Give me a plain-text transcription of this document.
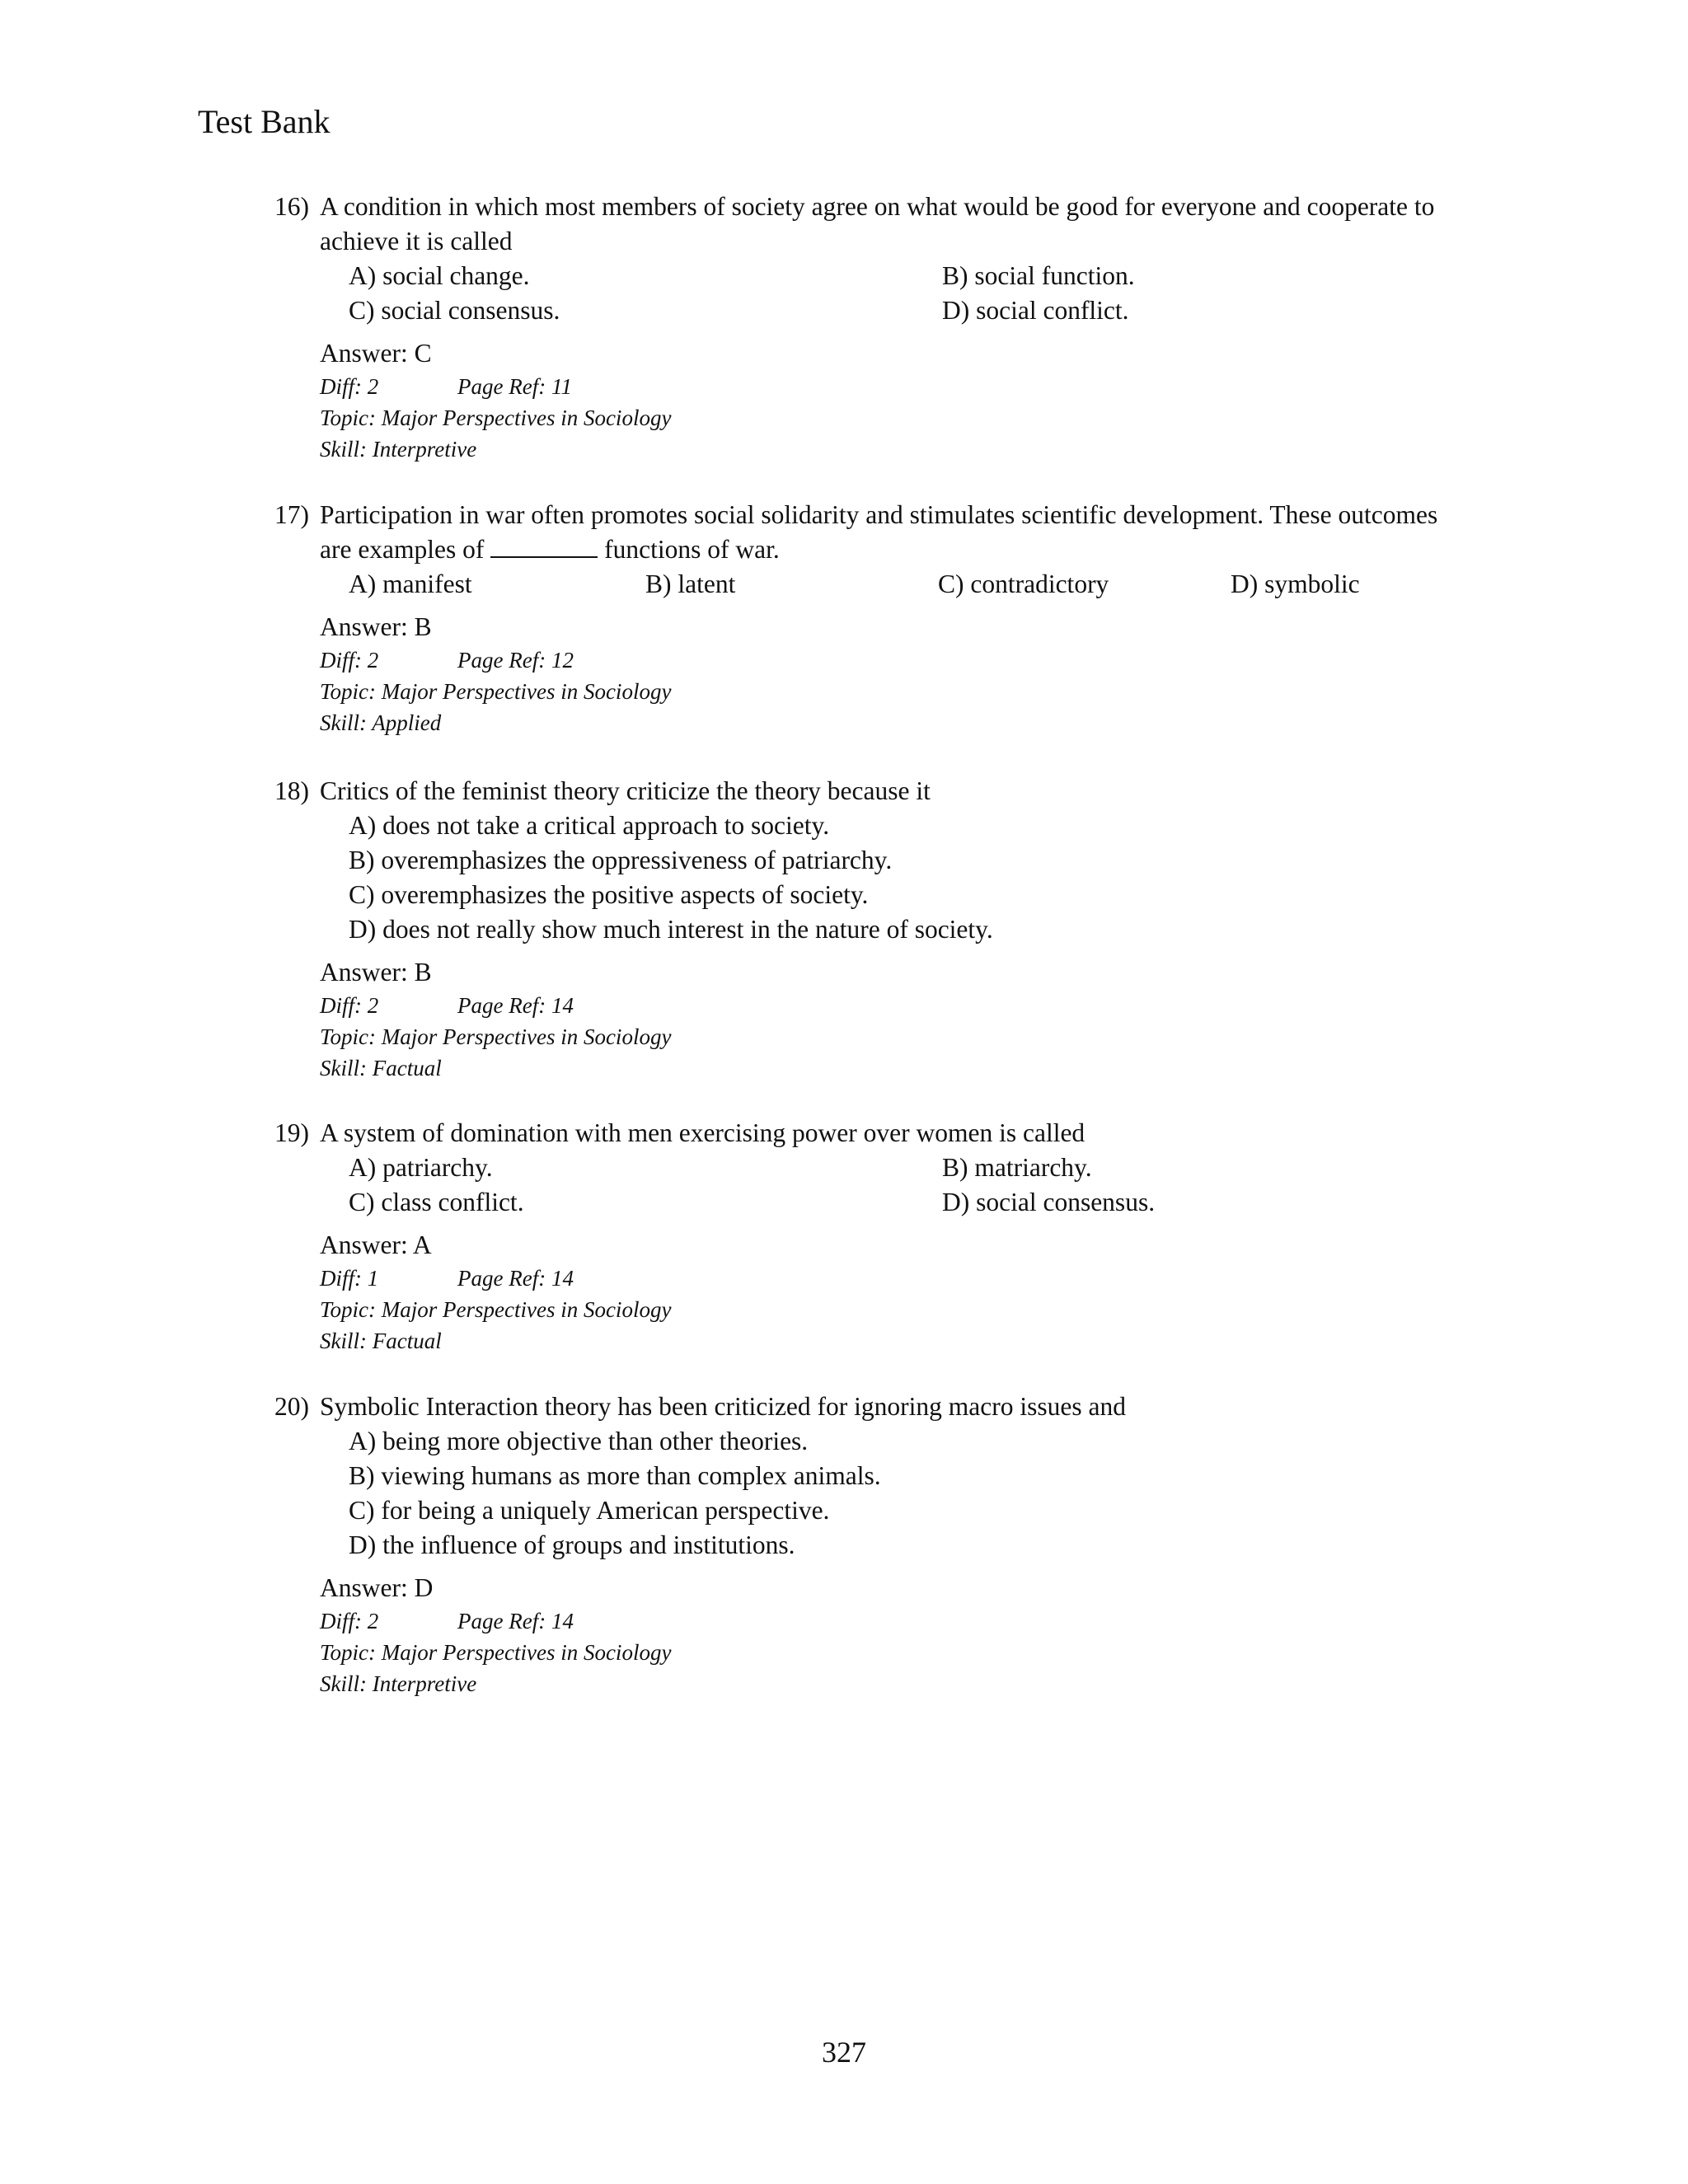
Test Bank
16) A condition in which most members of society agree on what would be good for everyone and cooperate to achieve it is called
A) social change.	B) social function.
C) social consensus.	D) social conflict.
Answer: C
Diff: 2	Page Ref: 11
Topic: Major Perspectives in Sociology
Skill: Interpretive
17) Participation in war often promotes social solidarity and stimulates scientific development. These outcomes are examples of	functions of war.
A) manifest	B) latent	C) contradictory	D) symbolic
Answer: B
Diff: 2	Page Ref: 12
Topic: Major Perspectives in Sociology
Skill: Applied
18) Critics of the feminist theory criticize the theory because it
A) does not take a critical approach to society.
B) overemphasizes the oppressiveness of patriarchy.
C) overemphasizes the positive aspects of society.
D) does not really show much interest in the nature of society.
Answer: B
Diff: 2	Page Ref: 14
Topic: Major Perspectives in Sociology
Skill: Factual
19) A system of domination with men exercising power over women is called
A) patriarchy.	B) matriarchy.
C) class conflict.	D) social consensus.
Answer: A
Diff: 1	Page Ref: 14
Topic: Major Perspectives in Sociology
Skill: Factual
20) Symbolic Interaction theory has been criticized for ignoring macro issues and
A) being more objective than other theories.
B) viewing humans as more than complex animals.
C) for being a uniquely American perspective.
D) the influence of groups and institutions.
Answer: D
Diff: 2	Page Ref: 14
Topic: Major Perspectives in Sociology
Skill: Interpretive
327
